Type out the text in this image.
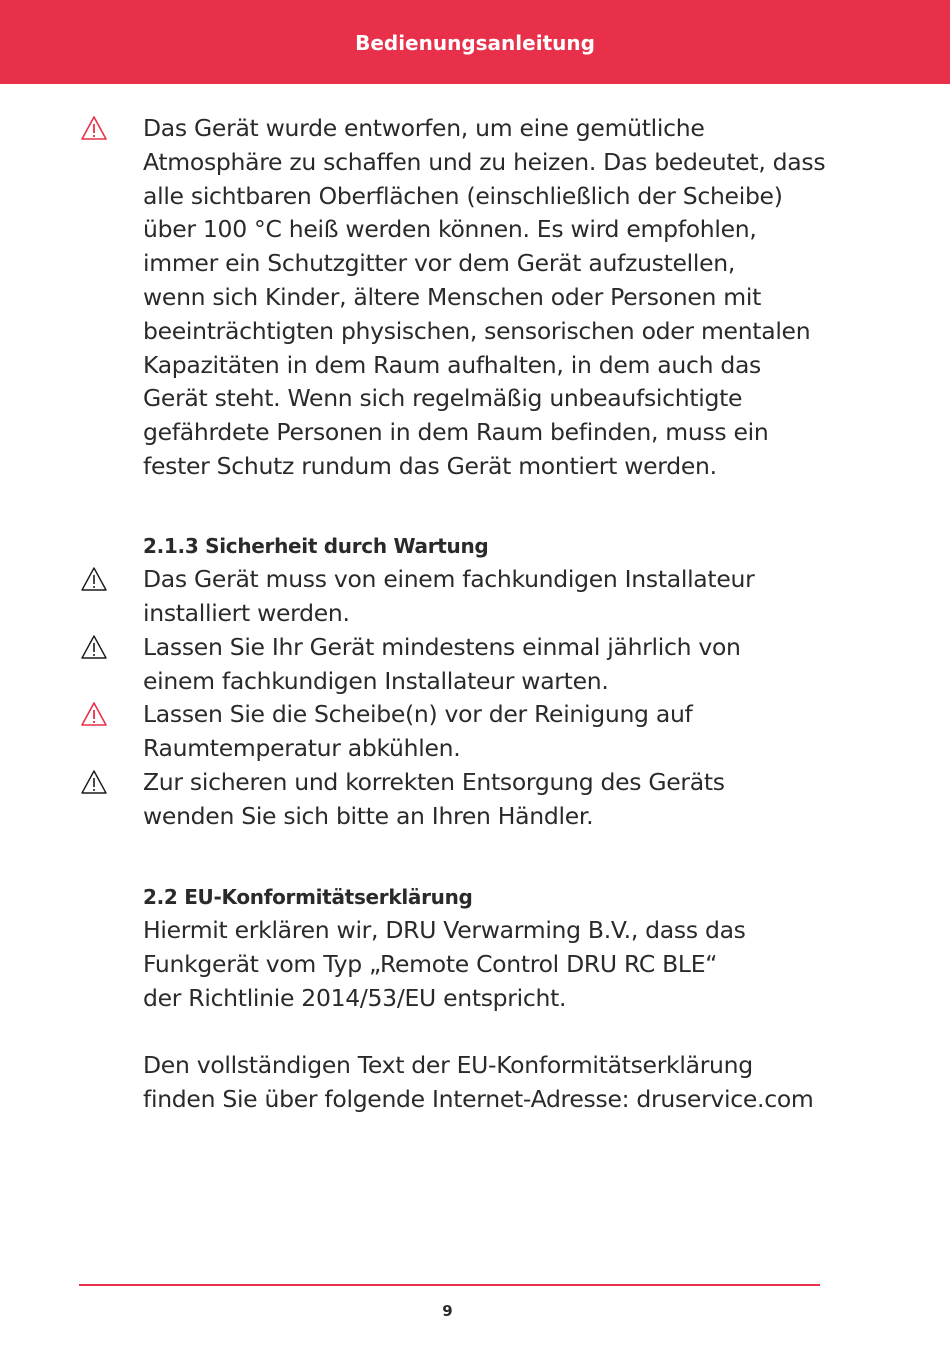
Bedienungsanleitung

Das Gerät wurde entworfen, um eine gemütliche

Atmosphäre zu schaffen und zu heizen. Das bedeutet, dass

alle sichtbaren Oberflächen (einschließlich der Scheibe)

über 100 °C heiß werden können. Es wird empfohlen,

immer ein Schutzgitter vor dem Gerät aufzustellen,

wenn sich Kinder, ältere Menschen oder Personen mit

beeinträchtigten physischen, sensorischen oder mentalen

Kapazitäten in dem Raum aufhalten, in dem auch das

Gerät steht. Wenn sich regelmäßig unbeaufsichtigte

gefährdete Personen in dem Raum befinden, muss ein

fester Schutz rundum das Gerät montiert werden.

2.1.3 Sicherheit durch Wartung

Das Gerät muss von einem fachkundigen Installateur

installiert werden.

Lassen Sie Ihr Gerät mindestens einmal jährlich von

einem fachkundigen Installateur warten.

Lassen Sie die Scheibe(n) vor der Reinigung auf

Raumtemperatur abkühlen.

Zur sicheren und korrekten Entsorgung des Geräts

wenden Sie sich bitte an Ihren Händler.

2.2 EU-Konformitätserklärung

Hiermit erklären wir, DRU Verwarming B.V., dass das

Funkgerät vom Typ „Remote Control DRU RC BLE“

der Richtlinie 2014/53/EU entspricht.

Den vollständigen Text der EU-Konformitätserklärung

finden Sie über folgende Internet-Adresse: druservice.com

9
